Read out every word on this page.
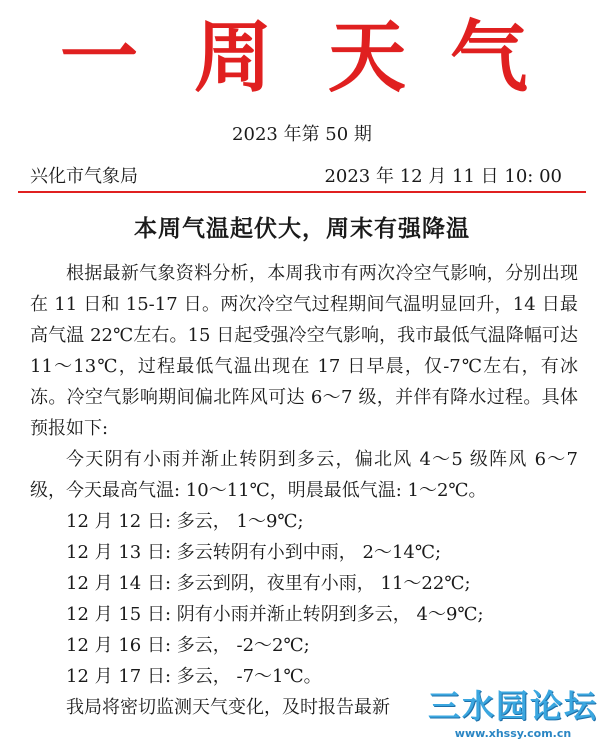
一 周 天 气
2023 年第 50 期
兴化市气象局	2023 年 12 月 11 日 10: 00
本周气温起伏大，周末有强降温

根据最新气象资料分析，本周我市有两次冷空气影响，分别出现在 11 日和 15-17 日。两次冷空气过程期间气温明显回升，14 日最高气温 22℃左右。15 日起受强冷空气影响，我市最低气温降幅可达 11～13℃，过程最低气温出现在 17 日早晨，仅-7℃左右，有冰冻。冷空气影响期间偏北阵风可达 6～7 级，并伴有降水过程。具体预报如下:

今天阴有小雨并渐止转阴到多云，偏北风 4～5 级阵风 6～7 级，今天最高气温: 10～11℃，明晨最低气温: 1～2℃。

12 月 12 日: 多云， 1～9℃;
12 月 13 日: 多云转阴有小到中雨， 2～14℃;
12 月 14 日: 多云到阴，夜里有小雨， 11～22℃;
12 月 15 日: 阴有小雨并渐止转阴到多云， 4～9℃;
12 月 16 日: 多云， -2～2℃;
12 月 17 日: 多云， -7～1℃。

我局将密切监测天气变化，及时报告最新	三水园论坛
www.xhssy.com.cn
